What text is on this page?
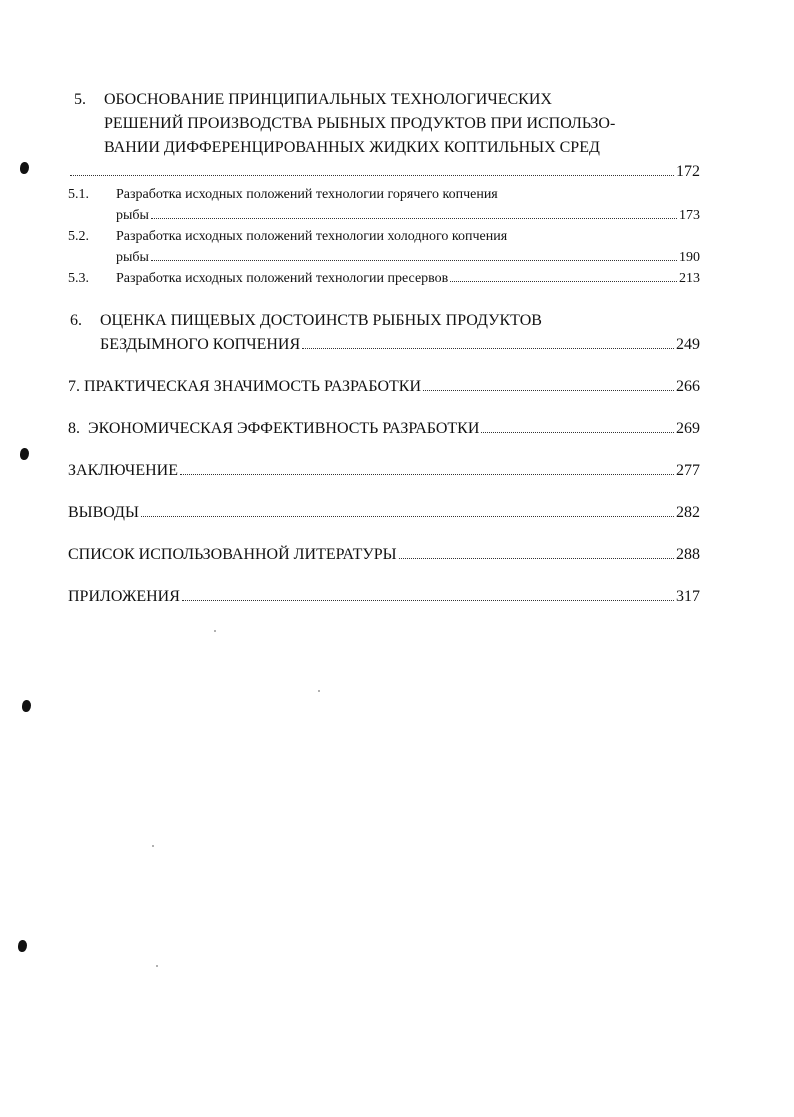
5. ОБОСНОВАНИЕ ПРИНЦИПИАЛЬНЫХ ТЕХНОЛОГИЧЕСКИХ
РЕШЕНИЙ ПРОИЗВОДСТВА РЫБНЫХ ПРОДУКТОВ ПРИ ИСПОЛЬЗО-
ВАНИИ ДИФФЕРЕНЦИРОВАННЫХ ЖИДКИХ КОПТИЛЬНЫХ СРЕД
172
5.1. Разработка исходных положений технологии горячего копчения
рыбы	173
5.2. Разработка исходных положений технологии холодного копчения
рыбы	190
5.3.	Разработка исходных положений технологии пресервов	213
6. ОЦЕНКА ПИЩЕВЫХ ДОСТОИНСТВ РЫБНЫХ ПРОДУКТОВ
БЕЗДЫМНОГО КОПЧЕНИЯ	249
7. ПРАКТИЧЕСКАЯ ЗНАЧИМОСТЬ РАЗРАБОТКИ	266
8.  ЭКОНОМИЧЕСКАЯ ЭФФЕКТИВНОСТЬ РАЗРАБОТКИ	269
ЗАКЛЮЧЕНИЕ	277
ВЫВОДЫ	282
СПИСОК ИСПОЛЬЗОВАННОЙ ЛИТЕРАТУРЫ	288
ПРИЛОЖЕНИЯ	317
